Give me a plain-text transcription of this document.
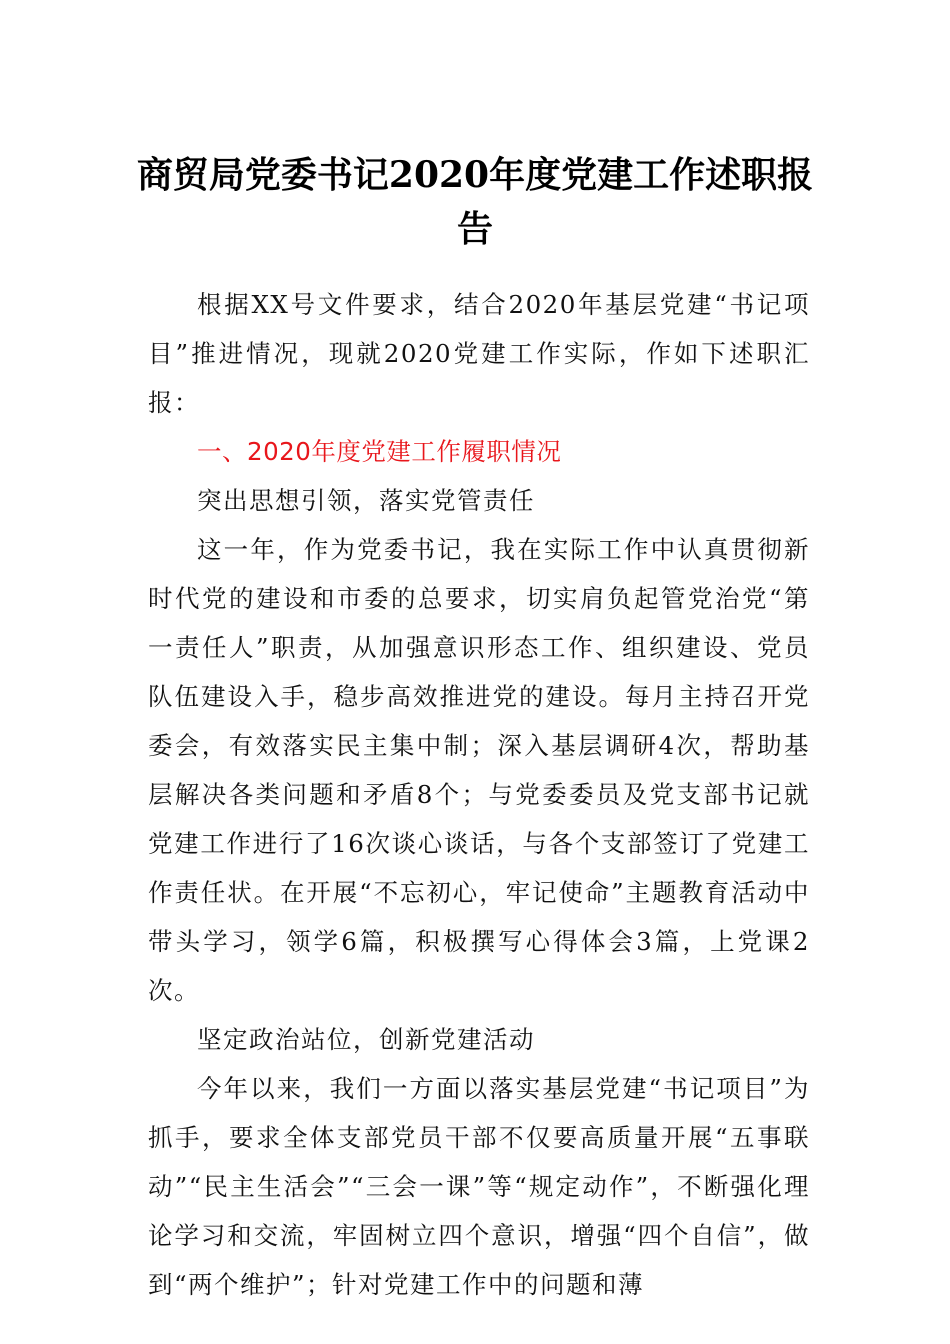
商贸局党委书记2020年度党建工作述职报告

根据XX号文件要求，结合2020年基层党建“书记项目”推进情况，现就2020党建工作实际，作如下述职汇报：

一、2020年度党建工作履职情况

突出思想引领，落实党管责任

这一年，作为党委书记，我在实际工作中认真贯彻新时代党的建设和市委的总要求，切实肩负起管党治党“第一责任人”职责，从加强意识形态工作、组织建设、党员队伍建设入手，稳步高效推进党的建设。每月主持召开党委会，有效落实民主集中制；深入基层调研4次，帮助基层解决各类问题和矛盾8个；与党委委员及党支部书记就党建工作进行了16次谈心谈话，与各个支部签订了党建工作责任状。在开展“不忘初心，牢记使命”主题教育活动中带头学习，领学6篇，积极撰写心得体会3篇，上党课2次。

坚定政治站位，创新党建活动

今年以来，我们一方面以落实基层党建“书记项目”为抓手，要求全体支部党员干部不仅要高质量开展“五事联动”“民主生活会”“三会一课”等“规定动作”，不断强化理论学习和交流，牢固树立四个意识，增强“四个自信”，做到“两个维护”；针对党建工作中的问题和薄
